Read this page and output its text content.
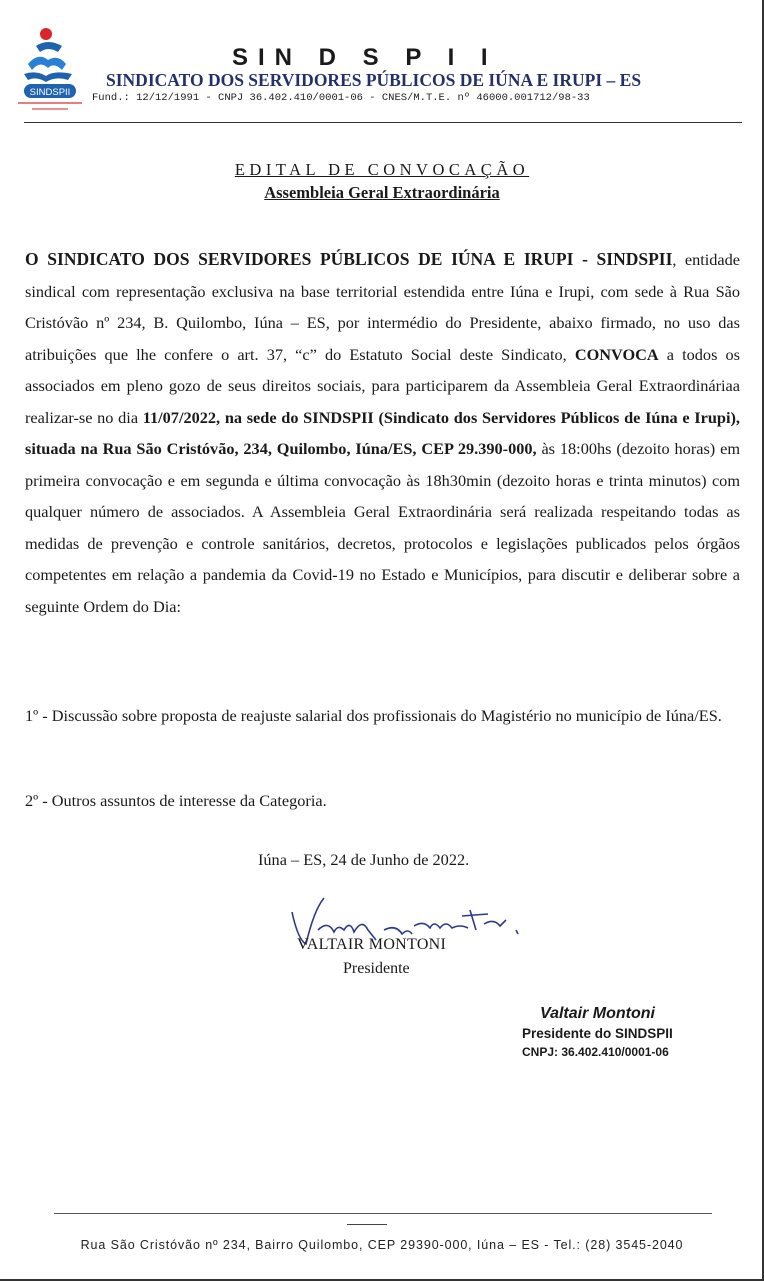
SINDSPII
SIN D S P I I
SINDICATO DOS SERVIDORES PÚBLICOS DE IÚNA E IRUPI – ES
Fund.: 12/12/1991 - CNPJ 36.402.410/0001-06 - CNES/M.T.E. nº 46000.001712/98-33
EDITAL DE CONVOCAÇÃO
Assembleia Geral Extraordinária
O SINDICATO DOS SERVIDORES PÚBLICOS DE IÚNA E IRUPI - SINDSPII, entidade sindical com representação exclusiva na base territorial estendida entre Iúna e Irupi, com sede à Rua São Cristóvão nº 234, B. Quilombo, Iúna – ES, por intermédio do Presidente, abaixo firmado, no uso das atribuições que lhe confere o art. 37, “c” do Estatuto Social deste Sindicato, CONVOCA a todos os associados em pleno gozo de seus direitos sociais, para participarem da Assembleia Geral Extraordináriaa realizar-se no dia 11/07/2022, na sede do SINDSPII (Sindicato dos Servidores Públicos de Iúna e Irupi), situada na Rua São Cristóvão, 234, Quilombo, Iúna/ES, CEP 29.390-000, às 18:00hs (dezoito horas) em primeira convocação e em segunda e última convocação às 18h30min (dezoito horas e trinta minutos) com qualquer número de associados. A Assembleia Geral Extraordinária será realizada respeitando todas as medidas de prevenção e controle sanitários, decretos, protocolos e legislações publicados pelos órgãos competentes em relação a pandemia da Covid-19 no Estado e Municípios, para discutir e deliberar sobre a seguinte Ordem do Dia:
1º - Discussão sobre proposta de reajuste salarial dos profissionais do Magistério no município de Iúna/ES.
2º - Outros assuntos de interesse da Categoria.
Iúna – ES, 24 de Junho de 2022.
VALTAIR MONTONI
Presidente
Valtair Montoni
Presidente do SINDSPII
CNPJ: 36.402.410/0001-06
Rua São Cristóvão nº 234, Bairro Quilombo, CEP 29390-000, Iúna – ES - Tel.: (28) 3545-2040
